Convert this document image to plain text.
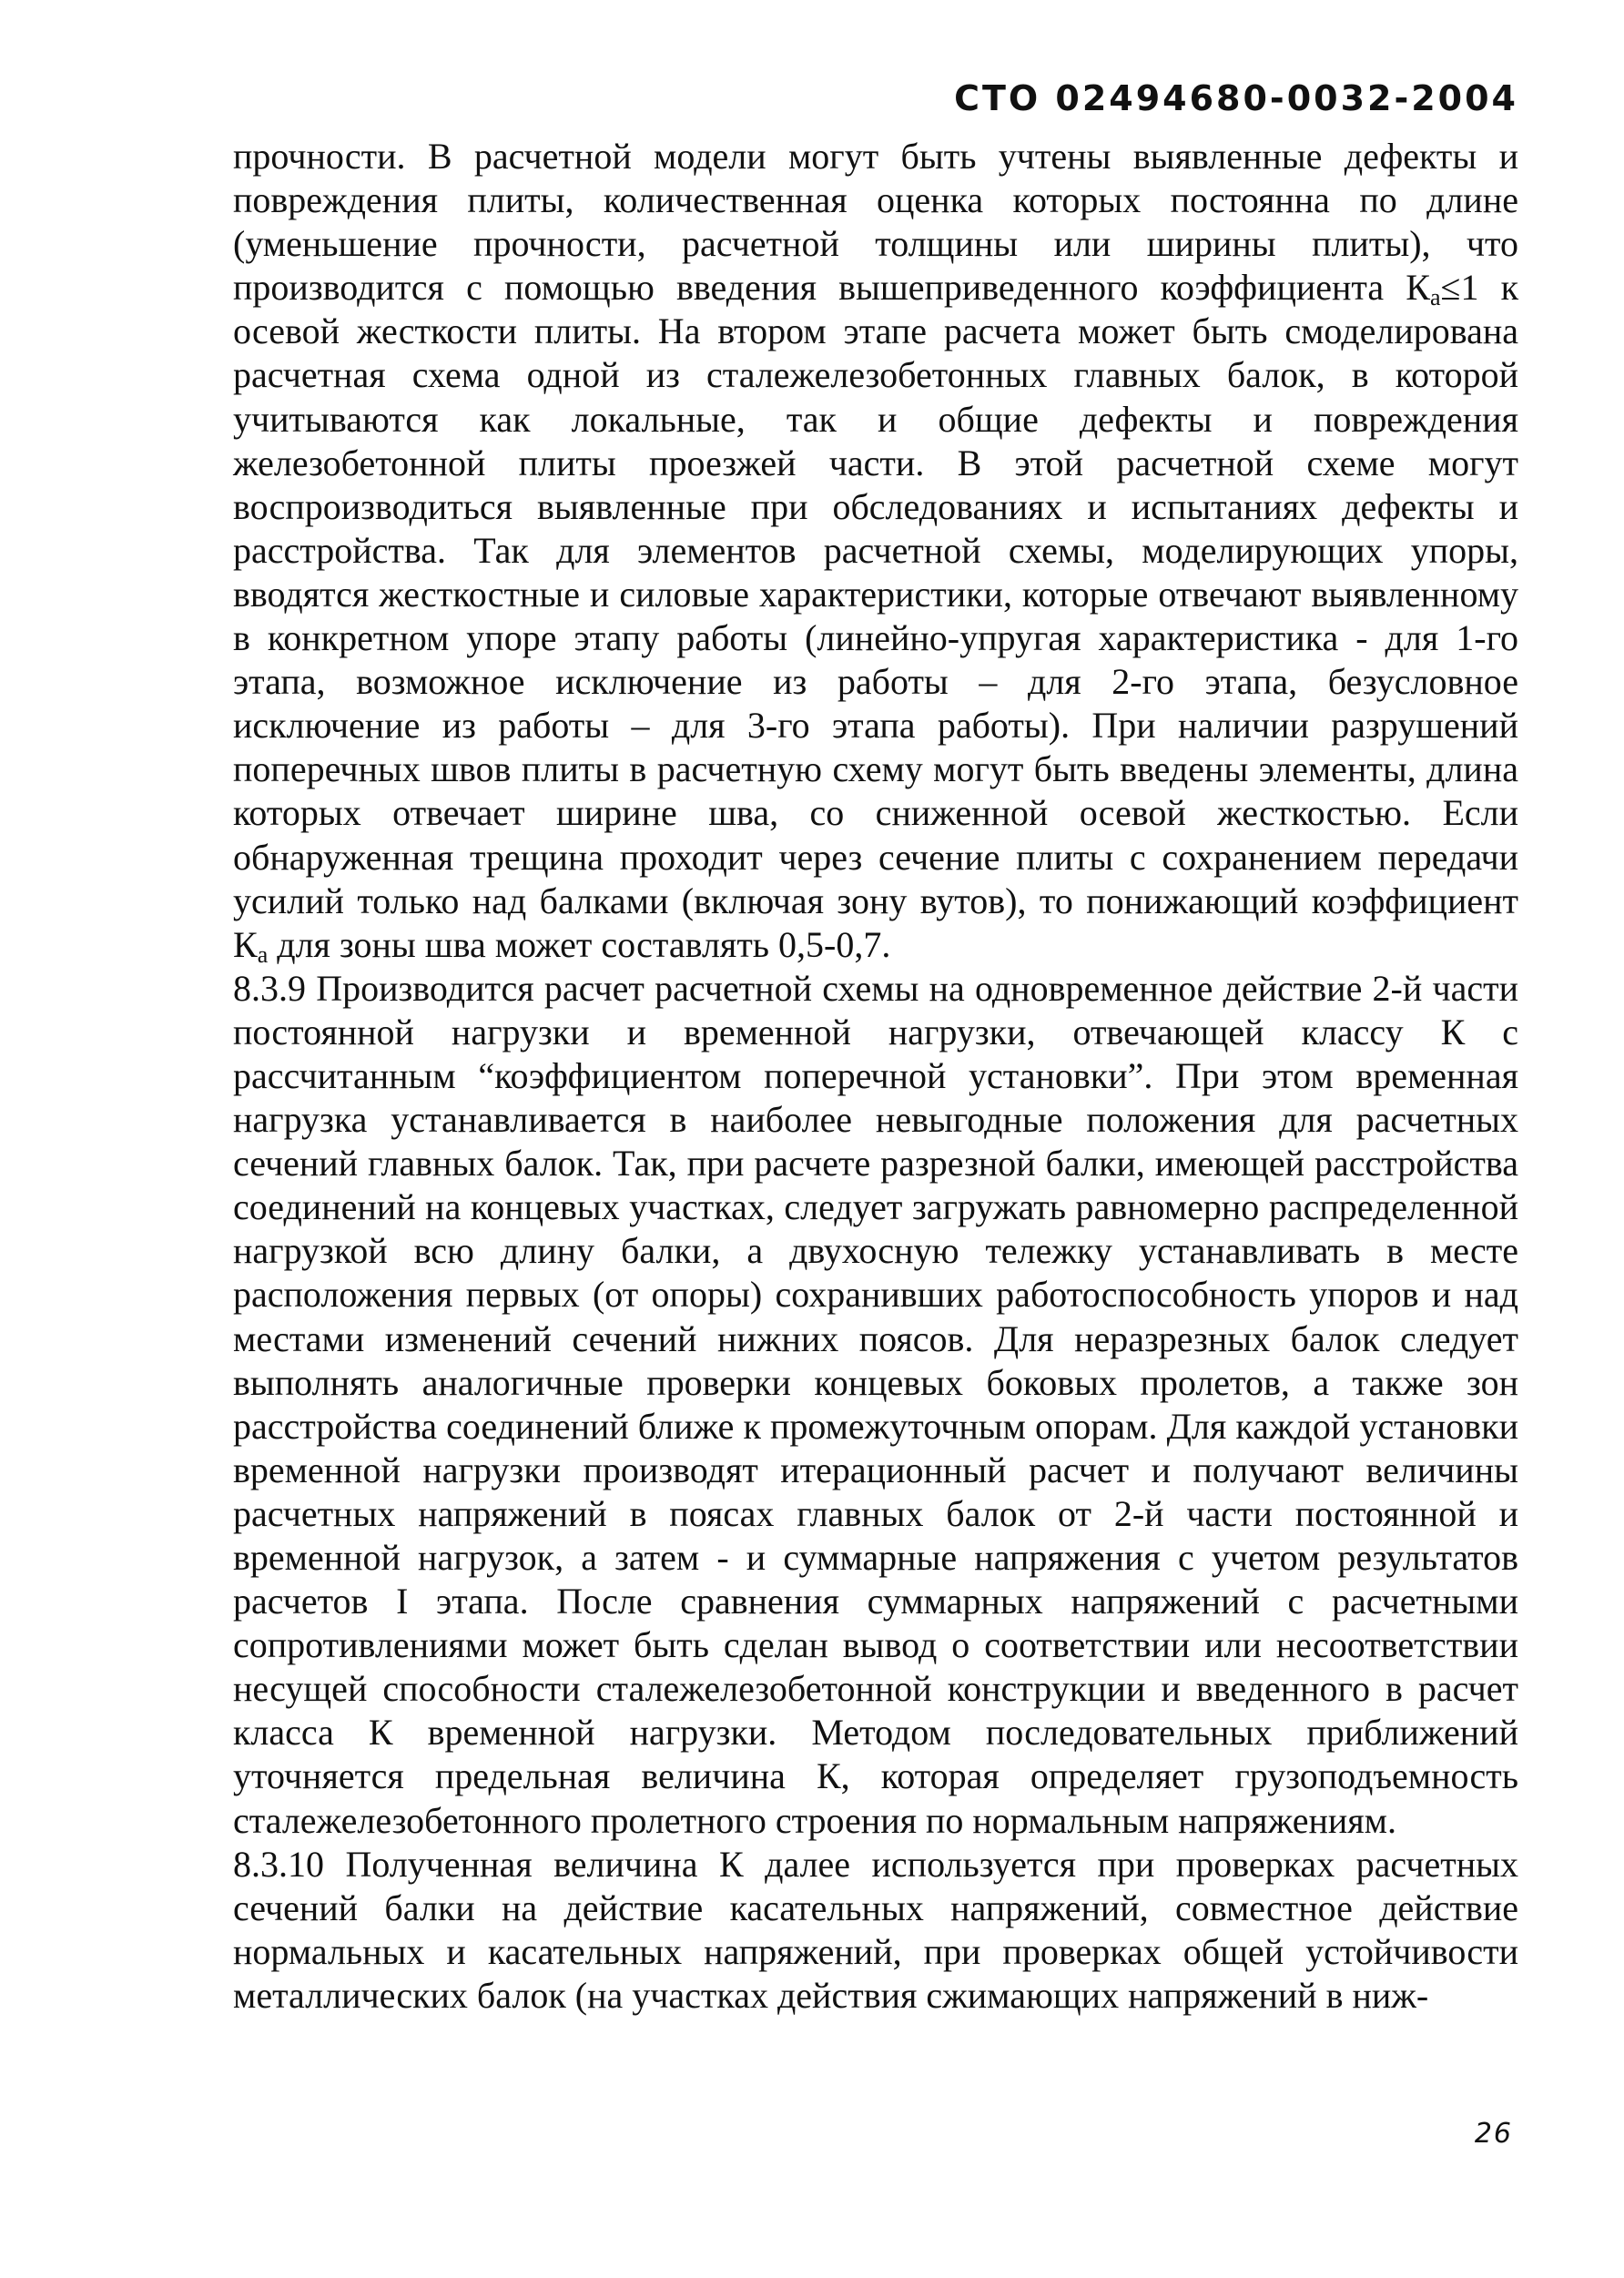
СТО 02494680-0032-2004

прочности. В расчетной модели могут быть учтены выявленные дефекты и повреждения плиты, количественная оценка которых постоянна по длине (уменьшение прочности, расчетной толщины или ширины плиты), что производится с помощью введения вышеприведенного коэффициента $К_а\le 1$ к осевой жесткости плиты. На втором этапе расчета может быть смоделирована расчетная схема одной из сталежелезобетонных главных балок, в которой учитываются как локальные, так и общие дефекты и повреждения железобетонной плиты проезжей части. В этой расчетной схеме могут воспроизводиться выявленные при обследованиях и испытаниях дефекты и расстройства. Так для элементов расчетной схемы, моделирующих упоры, вводятся жесткостные и силовые характеристики, которые отвечают выявленному в конкретном упоре этапу работы (линейно-упругая характеристика - для 1-го этапа, возможное исключение из работы – для 2-го этапа, безусловное исключение из работы – для 3-го этапа работы). При наличии разрушений поперечных швов плиты в расчетную схему могут быть введены элементы, длина которых отвечает ширине шва, со сниженной осевой жесткостью. Если обнаруженная трещина проходит через сечение плиты с сохранением передачи усилий только над балками (включая зону вутов), то понижающий коэффициент $К_а$ для зоны шва может составлять 0,5-0,7.

8.3.9 Производится расчет расчетной схемы на одновременное действие 2-й части постоянной нагрузки и временной нагрузки, отвечающей классу К с рассчитанным “коэффициентом поперечной установки”. При этом временная нагрузка устанавливается в наиболее невыгодные положения для расчетных сечений главных балок. Так, при расчете разрезной балки, имеющей расстройства соединений на концевых участках, следует загружать равномерно распределенной нагрузкой всю длину балки, а двухосную тележку устанавливать в месте расположения первых (от опоры) сохранивших работоспособность упоров и над местами изменений сечений нижних поясов. Для неразрезных балок следует выполнять аналогичные проверки концевых боковых пролетов, а также зон расстройства соединений ближе к промежуточным опорам. Для каждой установки временной нагрузки производят итерационный расчет и получают величины расчетных напряжений в поясах главных балок от 2-й части постоянной и временной нагрузок, а затем - и суммарные напряжения с учетом результатов расчетов I этапа. После сравнения суммарных напряжений с расчетными сопротивлениями может быть сделан вывод о соответствии или несоответствии несущей способности сталежелезобетонной конструкции и введенного в расчет класса К временной нагрузки. Методом последовательных приближений уточняется предельная величина К, которая определяет грузоподъемность сталежелезобетонного пролетного строения по нормальным напряжениям.

8.3.10 Полученная величина К далее используется при проверках расчетных сечений балки на действие касательных напряжений, совместное действие нормальных и касательных напряжений, при проверках общей устойчивости металлических балок (на участках действия сжимающих напряжений в ниж-

26
